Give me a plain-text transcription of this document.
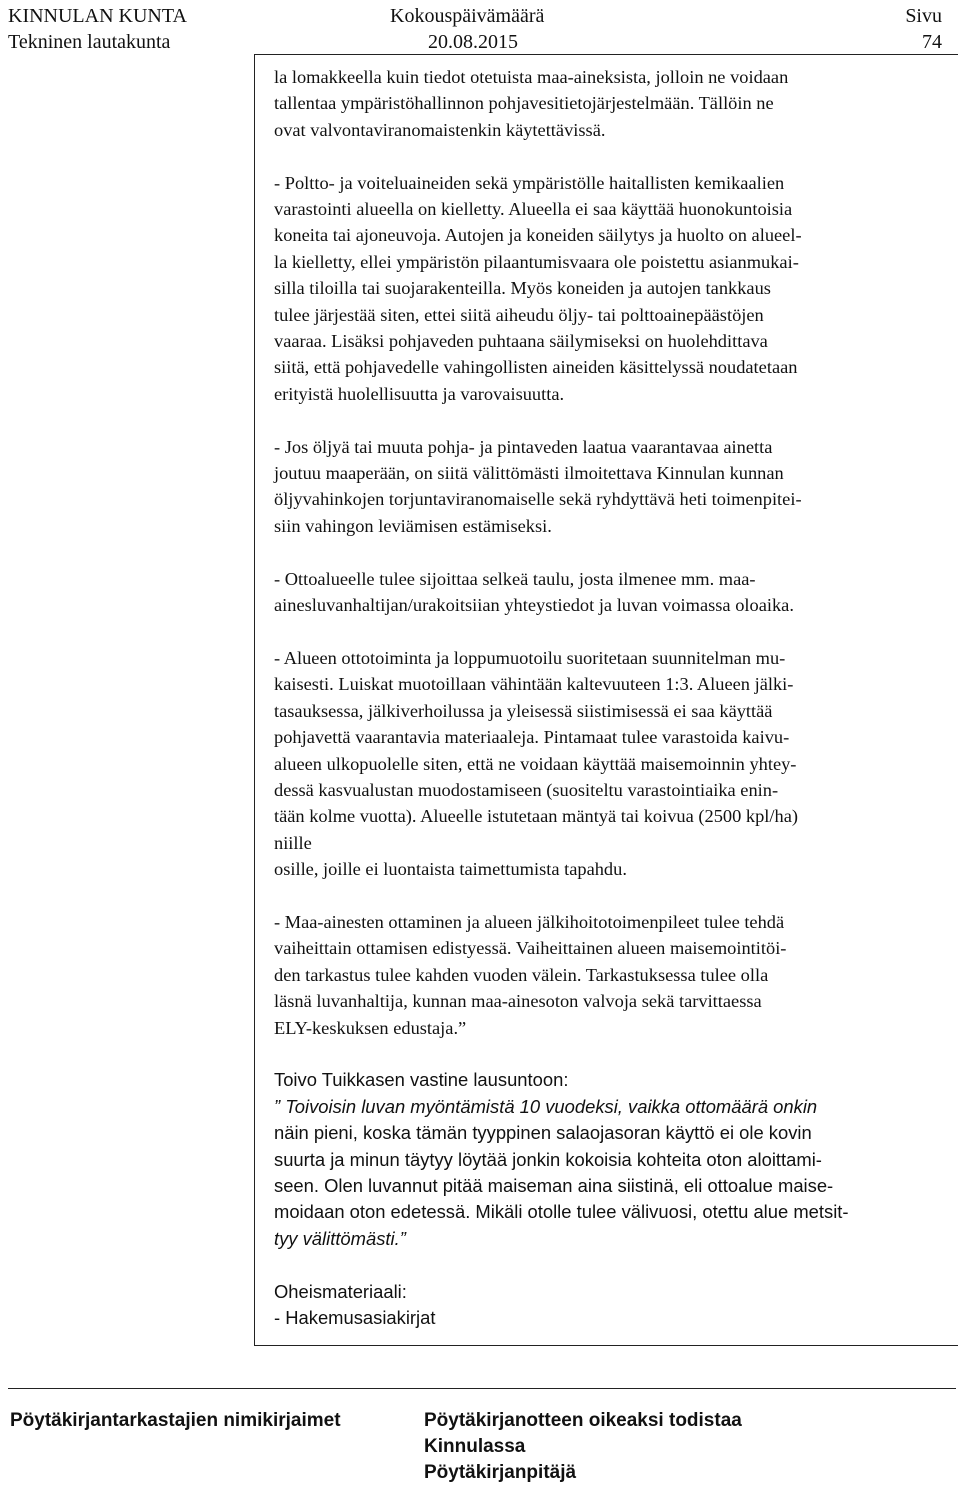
KINNULAN KUNTA
Tekninen lautakunta
Kokouspäivämäärä
20.08.2015
Sivu
74
la lomakkeella kuin tiedot otetuista maa-aineksista, jolloin ne voidaan
tallentaa ympäristöhallinnon pohjavesitietojärjestelmään. Tällöin ne
ovat valvontaviranomaistenkin käytettävissä.
- Poltto- ja voiteluaineiden sekä ympäristölle haitallisten kemikaalien
varastointi alueella on kielletty. Alueella ei saa käyttää huonokuntoisia
koneita tai ajoneuvoja. Autojen ja koneiden säilytys ja huolto on alueel-
la kielletty, ellei ympäristön pilaantumisvaara ole poistettu asianmukai-
silla tiloilla tai suojarakenteilla. Myös koneiden ja autojen tankkaus
tulee järjestää siten, ettei siitä aiheudu öljy- tai polttoainepäästöjen
vaaraa. Lisäksi pohjaveden puhtaana säilymiseksi on huolehdittava
siitä, että pohjavedelle vahingollisten aineiden käsittelyssä noudatetaan
erityistä huolellisuutta ja varovaisuutta.
- Jos öljyä tai muuta pohja- ja pintaveden laatua vaarantavaa ainetta
joutuu maaperään, on siitä välittömästi ilmoitettava Kinnulan kunnan
öljyvahinkojen torjuntaviranomaiselle sekä ryhdyttävä heti toimenpitei-
siin vahingon leviämisen estämiseksi.
- Ottoalueelle tulee sijoittaa selkeä taulu, josta ilmenee mm. maa-
ainesluvanhaltijan/urakoitsiian yhteystiedot ja luvan voimassa oloaika.
- Alueen ottotoiminta ja loppumuotoilu suoritetaan suunnitelman mu-
kaisesti. Luiskat muotoillaan vähintään kaltevuuteen 1:3. Alueen jälki-
tasauksessa, jälkiverhoilussa ja yleisessä siistimisessä ei saa käyttää
pohjavettä vaarantavia materiaaleja. Pintamaat tulee varastoida kaivu-
alueen ulkopuolelle siten, että ne voidaan käyttää maisemoinnin yhtey-
dessä kasvualustan muodostamiseen (suositeltu varastointiaika enin-
tään kolme vuotta). Alueelle istutetaan mäntyä tai koivua (2500 kpl/ha)
niille
osille, joille ei luontaista taimettumista tapahdu.
- Maa-ainesten ottaminen ja alueen jälkihoitotoimenpileet tulee tehdä
vaiheittain ottamisen edistyessä. Vaiheittainen alueen maisemointitöi-
den tarkastus tulee kahden vuoden välein. Tarkastuksessa tulee olla
läsnä luvanhaltija, kunnan maa-ainesoton valvoja sekä tarvittaessa
ELY-keskuksen edustaja.”
Toivo Tuikkasen vastine lausuntoon:
” Toivoisin luvan myöntämistä 10 vuodeksi, vaikka ottomäärä onkin
näin pieni, koska tämän tyyppinen salaojasoran käyttö ei ole kovin
suurta ja minun täytyy löytää jonkin kokoisia kohteita oton aloittami-
seen. Olen luvannut pitää maiseman aina siistinä, eli ottoalue maise-
moidaan oton edetessä. Mikäli otolle tulee välivuosi, otettu alue metsit-
tyy välittömästi.”
Oheismateriaali:
- Hakemusasiakirjat
Pöytäkirjantarkastajien nimikirjaimet	Pöytäkirjanotteen oikeaksi todistaa
Kinnulassa
Pöytäkirjanpitäjä
